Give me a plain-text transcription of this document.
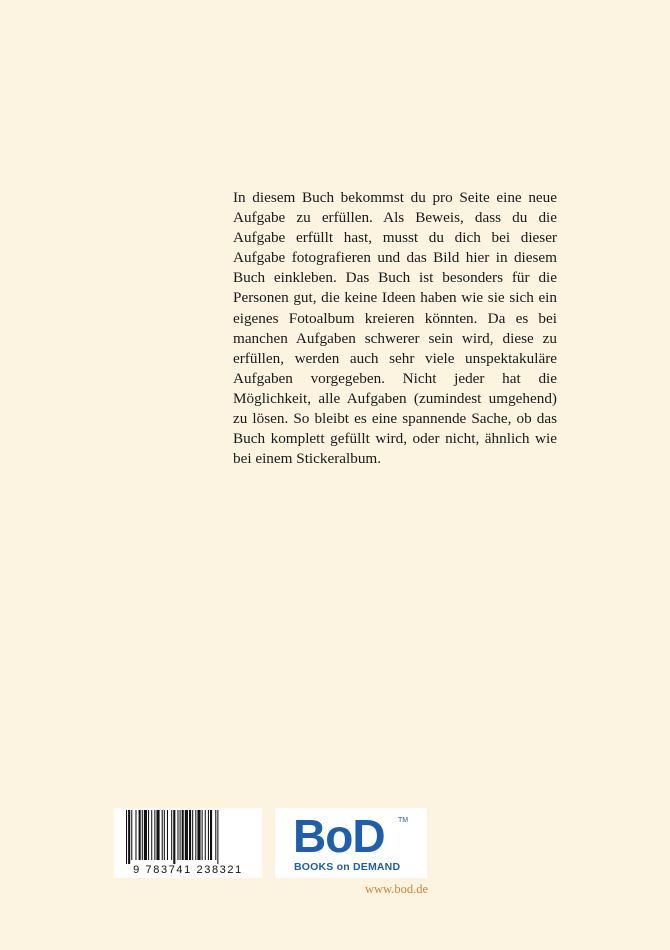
In diesem Buch bekommst du pro Seite eine neue Aufgabe zu erfüllen. Als Beweis, dass du die Aufgabe erfüllt hast, musst du dich bei dieser Aufgabe fotografieren und das Bild hier in diesem Buch einkleben. Das Buch ist besonders für die Personen gut, die keine Ideen haben wie sie sich ein eigenes Fotoalbum kreieren könnten. Da es bei manchen Aufgaben schwerer sein wird, diese zu erfüllen, werden auch sehr viele unspektakuläre Aufgaben vorgegeben. Nicht jeder hat die Möglichkeit, alle Aufgaben (zumindest umgehend) zu lösen. So bleibt es eine spannende Sache, ob das Buch komplett gefüllt wird, oder nicht, ähnlich wie bei einem Stickeralbum.

9 783741 238321
BoD TM
BOOKS on DEMAND
www.bod.de
